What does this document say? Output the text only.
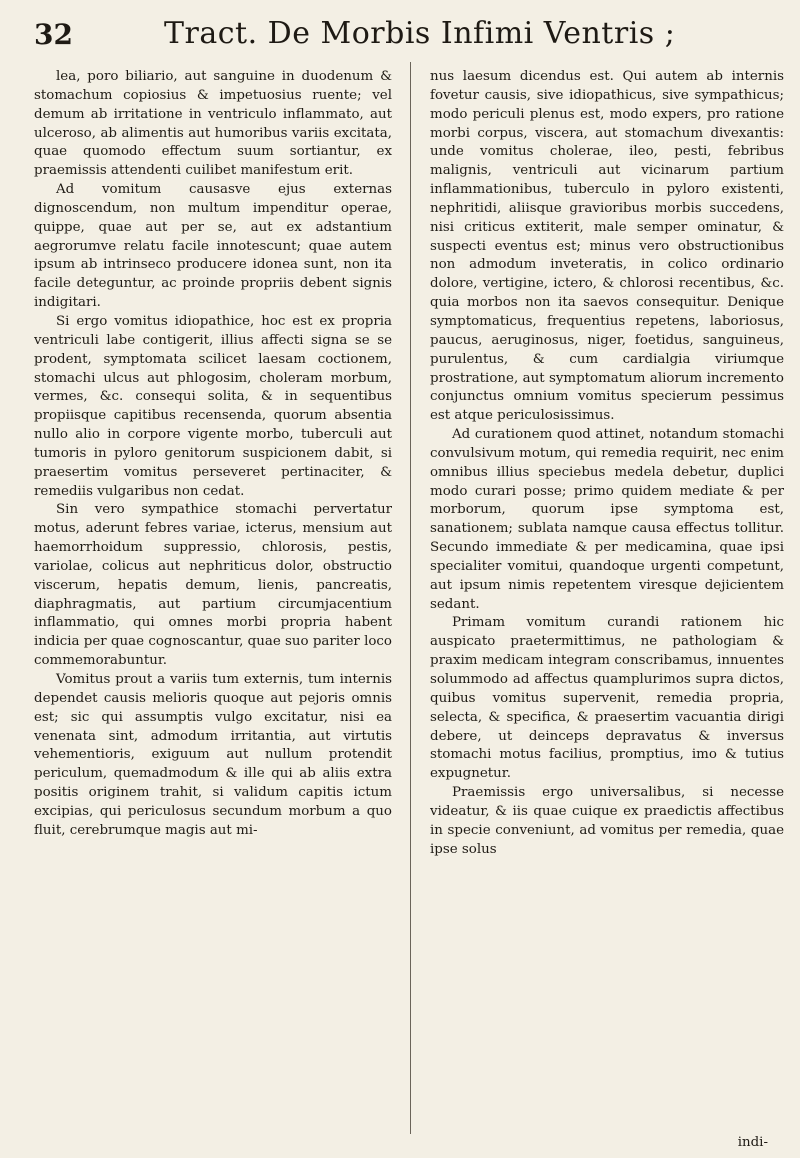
32	Tract. De Morbis Infimi Ventris ;

lea, poro biliario, aut sanguine in duodenum & stomachum copiosius & impetuosius ruente; vel demum ab irritatione in ventriculo inflammato, aut ulceroso, ab alimentis aut humoribus variis excitata, quae quomodo effectum suum sortiantur, ex praemissis attendenti cuilibet manifestum erit.

Ad vomitum causasve ejus externas dignoscendum, non multum impenditur operae, quippe, quae aut per se, aut ex adstantium aegrorumve relatu facile innotescunt; quae autem ipsum ab intrinseco producere idonea sunt, non ita facile deteguntur, ac proinde propriis debent signis indigitari.

Si ergo vomitus idiopathice, hoc est ex propria ventriculi labe contigerit, illius affecti signa se se prodent, symptomata scilicet laesam coctionem, stomachi ulcus aut phlogosim, choleram morbum, vermes, &c. consequi solita, & in sequentibus propiisque capitibus recensenda, quorum absentia nullo alio in corpore vigente morbo, tuberculi aut tumoris in pyloro genitorum suspicionem dabit, si praesertim vomitus perseveret pertinaciter, & remediis vulgaribus non cedat.

Sin vero sympathice stomachi pervertatur motus, aderunt febres variae, icterus, mensium aut haemorrhoidum suppressio, chlorosis, pestis, variolae, colicus aut nephriticus dolor, obstructio viscerum, hepatis demum, lienis, pancreatis, diaphragmatis, aut partium circumjacentium inflammatio, qui omnes morbi propria habent indicia per quae cognoscantur, quae suo pariter loco commemorabuntur.

Vomitus prout a variis tum externis, tum internis dependet causis melioris quoque aut pejoris omnis est; sic qui assumptis vulgo excitatur, nisi ea venenata sint, admodum irritantia, aut virtutis vehementioris, exiguum aut nullum protendit periculum, quemadmodum & ille qui ab aliis extra positis originem trahit, si validum capitis ictum excipias, qui periculosus secundum morbum a quo fluit, cerebrumque magis aut mi-

nus laesum dicendus est. Qui autem ab internis fovetur causis, sive idiopathicus, sive sympathicus; modo periculi plenus est, modo expers, pro ratione morbi corpus, viscera, aut stomachum divexantis: unde vomitus cholerae, ileo, pesti, febribus malignis, ventriculi aut vicinarum partium inflammationibus, tuberculo in pyloro existenti, nephritidi, aliisque gravioribus morbis succedens, nisi criticus extiterit, male semper ominatur, & suspecti eventus est; minus vero obstructionibus non admodum inveteratis, in colico ordinario dolore, vertigine, ictero, & chlorosi recentibus, &c. quia morbos non ita saevos consequitur. Denique symptomaticus, frequentius repetens, laboriosus, paucus, aeruginosus, niger, foetidus, sanguineus, purulentus, & cum cardialgia viriumque prostratione, aut symptomatum aliorum incremento conjunctus omnium vomitus specierum pessimus est atque periculosissimus.

Ad curationem quod attinet, notandum stomachi convulsivum motum, qui remedia requirit, nec enim omnibus illius speciebus medela debetur, duplici modo curari posse; primo quidem mediate & per morborum, quorum ipse symptoma est, sanationem; sublata namque causa effectus tollitur. Secundo immediate & per medicamina, quae ipsi specialiter vomitui, quandoque urgenti competunt, aut ipsum nimis repetentem viresque dejicientem sedant.

Primam vomitum curandi rationem hic auspicato praetermittimus, ne pathologiam & praxim medicam integram conscribamus, innuentes solummodo ad affectus quamplurimos supra dictos, quibus vomitus supervenit, remedia propria, selecta, & specifica, & praesertim vacuantia dirigi debere, ut deinceps depravatus & inversus stomachi motus facilius, promptius, imo & tutius expugnetur.

Praemissis ergo universalibus, si necesse videatur, & iis quae cuique ex praedictis affectibus in specie conveniunt, ad vomitus per remedia, quae ipse solus

indi-
